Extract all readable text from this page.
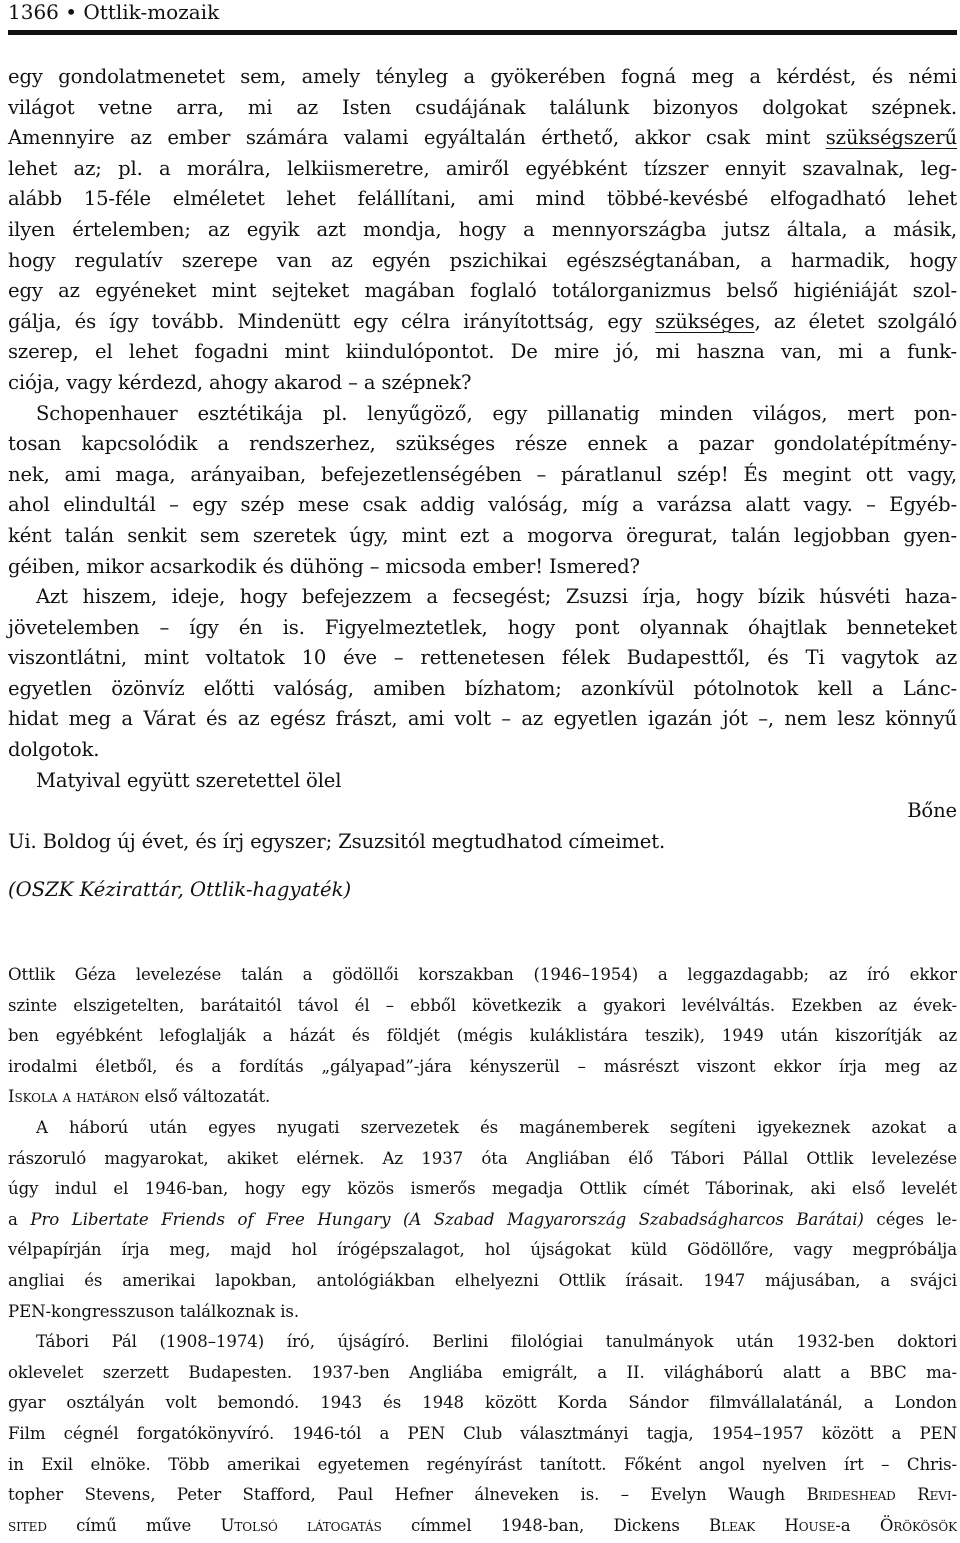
1366 • Ottlik-mozaik
egy gondolatmenetet sem, amely tényleg a gyökerében fogná meg a kérdést, és némi
világot vetne arra, mi az Isten csudájának találunk bizonyos dolgokat szépnek.
Amennyire az ember számára valami egyáltalán érthető, akkor csak mint szükségszerű
lehet az; pl. a morálra, lelkiismeretre, amiről egyébként tízszer ennyit szavalnak, leg-
alább 15-féle elméletet lehet felállítani, ami mind többé-kevésbé elfogadható lehet
ilyen értelemben; az egyik azt mondja, hogy a mennyországba jutsz általa, a másik,
hogy regulatív szerepe van az egyén pszichikai egészségtanában, a harmadik, hogy
egy az egyéneket mint sejteket magában foglaló totálorganizmus belső higiéniáját szol-
gálja, és így tovább. Mindenütt egy célra irányítottság, egy szükséges, az életet szolgáló
szerep, el lehet fogadni mint kiindulópontot. De mire jó, mi haszna van, mi a funk-
ciója, vagy kérdezd, ahogy akarod – a szépnek?
Schopenhauer esztétikája pl. lenyűgöző, egy pillanatig minden világos, mert pon-
tosan kapcsolódik a rendszerhez, szükséges része ennek a pazar gondolatépítmény-
nek, ami maga, arányaiban, befejezetlenségében – páratlanul szép! És megint ott vagy,
ahol elindultál – egy szép mese csak addig valóság, míg a varázsa alatt vagy. – Egyéb-
ként talán senkit sem szeretek úgy, mint ezt a mogorva öregurat, talán legjobban gyen-
géiben, mikor acsarkodik és dühöng – micsoda ember! Ismered?
Azt hiszem, ideje, hogy befejezzem a fecsegést; Zsuzsi írja, hogy bízik húsvéti haza-
jövetelemben – így én is. Figyelmeztetlek, hogy pont olyannak óhajtlak benneteket
viszontlátni, mint voltatok 10 éve – rettenetesen félek Budapesttől, és Ti vagytok az
egyetlen özönvíz előtti valóság, amiben bízhatom; azonkívül pótolnotok kell a Lánc-
hidat meg a Várat és az egész frászt, ami volt – az egyetlen igazán jót –, nem lesz könnyű
dolgotok.
Matyival együtt szeretettel ölel
Bőne
Ui. Boldog új évet, és írj egyszer; Zsuzsitól megtudhatod címeimet.
(OSZK Kézirattár, Ottlik-hagyaték)
Ottlik Géza levelezése talán a gödöllői korszakban (1946–1954) a leggazdagabb; az író ekkor
szinte elszigetelten, barátaitól távol él – ebből következik a gyakori levélváltás. Ezekben az évek-
ben egyébként lefoglalják a házát és földjét (mégis kuláklistára teszik), 1949 után kiszorítják az
irodalmi életből, és a fordítás „gályapad”-jára kényszerül – másrészt viszont ekkor írja meg az
Iskola a határon első változatát.
A háború után egyes nyugati szervezetek és magánemberek segíteni igyekeznek azokat a
rászoruló magyarokat, akiket elérnek. Az 1937 óta Angliában élő Tábori Pállal Ottlik levelezése
úgy indul el 1946-ban, hogy egy közös ismerős megadja Ottlik címét Táborinak, aki első levelét
a Pro Libertate Friends of Free Hungary (A Szabad Magyarország Szabadságharcos Barátai) céges le-
vélpapírján írja meg, majd hol írógépszalagot, hol újságokat küld Gödöllőre, vagy megpróbálja
angliai és amerikai lapokban, antológiákban elhelyezni Ottlik írásait. 1947 májusában, a svájci
PEN-kongresszuson találkoznak is.
Tábori Pál (1908–1974) író, újságíró. Berlini filológiai tanulmányok után 1932-ben doktori
oklevelet szerzett Budapesten. 1937-ben Angliába emigrált, a II. világháború alatt a BBC ma-
gyar osztályán volt bemondó. 1943 és 1948 között Korda Sándor filmvállalatánál, a London
Film cégnél forgatókönyvíró. 1946-tól a PEN Club választmányi tagja, 1954–1957 között a PEN
in Exil elnöke. Több amerikai egyetemen regényírást tanított. Főként angol nyelven írt – Chris-
topher Stevens, Peter Stafford, Paul Hefner álneveken is. – Evelyn Waugh Brideshead Revi-
sited című műve Utolsó látogatás címmel 1948-ban, Dickens Bleak House-a Örökösök
